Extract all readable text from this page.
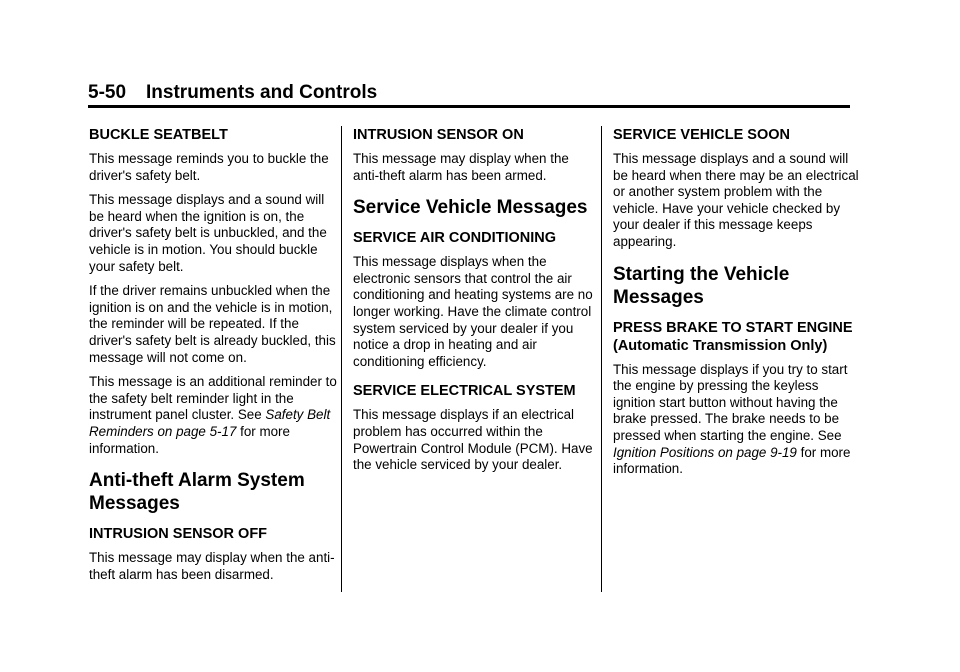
5-50 Instruments and Controls
BUCKLE SEATBELT

This message reminds you to buckle the driver's safety belt.

This message displays and a sound will be heard when the ignition is on, the driver's safety belt is unbuckled, and the vehicle is in motion. You should buckle your safety belt.

If the driver remains unbuckled when the ignition is on and the vehicle is in motion, the reminder will be repeated. If the driver's safety belt is already buckled, this message will not come on.

This message is an additional reminder to the safety belt reminder light in the instrument panel cluster. See Safety Belt Reminders on page 5-17 for more information.

Anti-theft Alarm System Messages
INTRUSION SENSOR OFF

This message may display when the anti-theft alarm has been disarmed.

INTRUSION SENSOR ON

This message may display when the anti-theft alarm has been armed.

Service Vehicle Messages
SERVICE AIR CONDITIONING

This message displays when the electronic sensors that control the air conditioning and heating systems are no longer working. Have the climate control system serviced by your dealer if you notice a drop in heating and air conditioning efficiency.

SERVICE ELECTRICAL SYSTEM

This message displays if an electrical problem has occurred within the Powertrain Control Module (PCM). Have the vehicle serviced by your dealer.

SERVICE VEHICLE SOON

This message displays and a sound will be heard when there may be an electrical or another system problem with the vehicle. Have your vehicle checked by your dealer if this message keeps appearing.

Starting the Vehicle Messages
PRESS BRAKE TO START ENGINE (Automatic Transmission Only)

This message displays if you try to start the engine by pressing the keyless ignition start button without having the brake pressed. The brake needs to be pressed when starting the engine. See Ignition Positions on page 9-19 for more information.
